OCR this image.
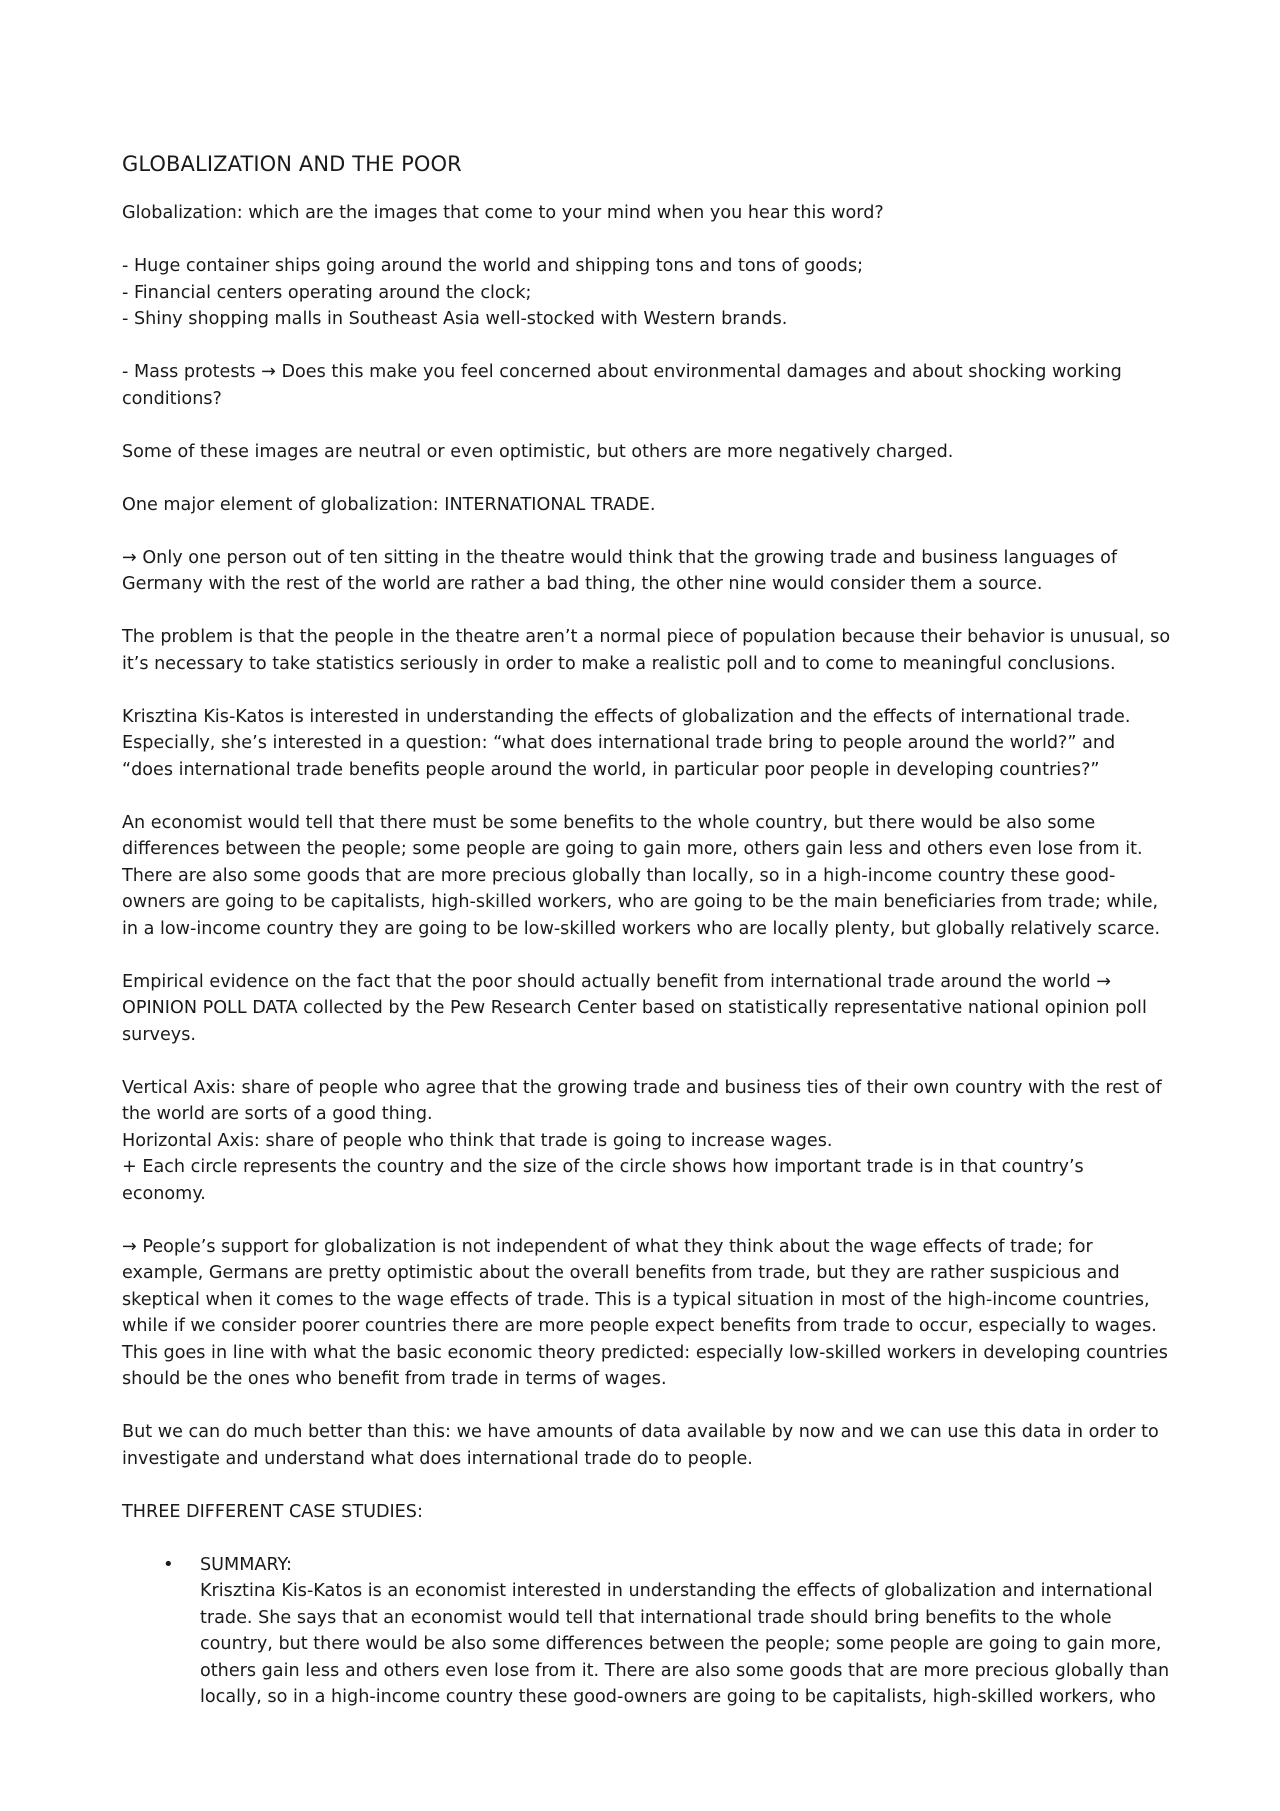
GLOBALIZATION AND THE POOR
Globalization: which are the images that come to your mind when you hear this word?
- Huge container ships going around the world and shipping tons and tons of goods;
- Financial centers operating around the clock;
- Shiny shopping malls in Southeast Asia well-stocked with Western brands.
- Mass protests → Does this make you feel concerned about environmental damages and about shocking working
conditions?
Some of these images are neutral or even optimistic, but others are more negatively charged.
One major element of globalization: INTERNATIONAL TRADE.
→ Only one person out of ten sitting in the theatre would think that the growing trade and business languages of
Germany with the rest of the world are rather a bad thing, the other nine would consider them a source.
The problem is that the people in the theatre aren’t a normal piece of population because their behavior is unusual, so
it’s necessary to take statistics seriously in order to make a realistic poll and to come to meaningful conclusions.
Krisztina Kis-Katos is interested in understanding the effects of globalization and the effects of international trade.
Especially, she’s interested in a question: “what does international trade bring to people around the world?” and
“does international trade benefits people around the world, in particular poor people in developing countries?”
An economist would tell that there must be some benefits to the whole country, but there would be also some
differences between the people; some people are going to gain more, others gain less and others even lose from it.
There are also some goods that are more precious globally than locally, so in a high-income country these good-
owners are going to be capitalists, high-skilled workers, who are going to be the main beneficiaries from trade; while,
in a low-income country they are going to be low-skilled workers who are locally plenty, but globally relatively scarce.
Empirical evidence on the fact that the poor should actually benefit from international trade around the world →
OPINION POLL DATA collected by the Pew Research Center based on statistically representative national opinion poll
surveys.
Vertical Axis: share of people who agree that the growing trade and business ties of their own country with the rest of
the world are sorts of a good thing.
Horizontal Axis: share of people who think that trade is going to increase wages.
+ Each circle represents the country and the size of the circle shows how important trade is in that country’s economy.
→ People’s support for globalization is not independent of what they think about the wage effects of trade; for
example, Germans are pretty optimistic about the overall benefits from trade, but they are rather suspicious and
skeptical when it comes to the wage effects of trade. This is a typical situation in most of the high-income countries,
while if we consider poorer countries there are more people expect benefits from trade to occur, especially to wages.
This goes in line with what the basic economic theory predicted: especially low-skilled workers in developing countries
should be the ones who benefit from trade in terms of wages.
But we can do much better than this: we have amounts of data available by now and we can use this data in order to
investigate and understand what does international trade do to people.
THREE DIFFERENT CASE STUDIES:
• SUMMARY:
Krisztina Kis-Katos is an economist interested in understanding the effects of globalization and international
trade. She says that an economist would tell that international trade should bring benefits to the whole
country, but there would be also some differences between the people; some people are going to gain more,
others gain less and others even lose from it. There are also some goods that are more precious globally than
locally, so in a high-income country these good-owners are going to be capitalists, high-skilled workers, who
